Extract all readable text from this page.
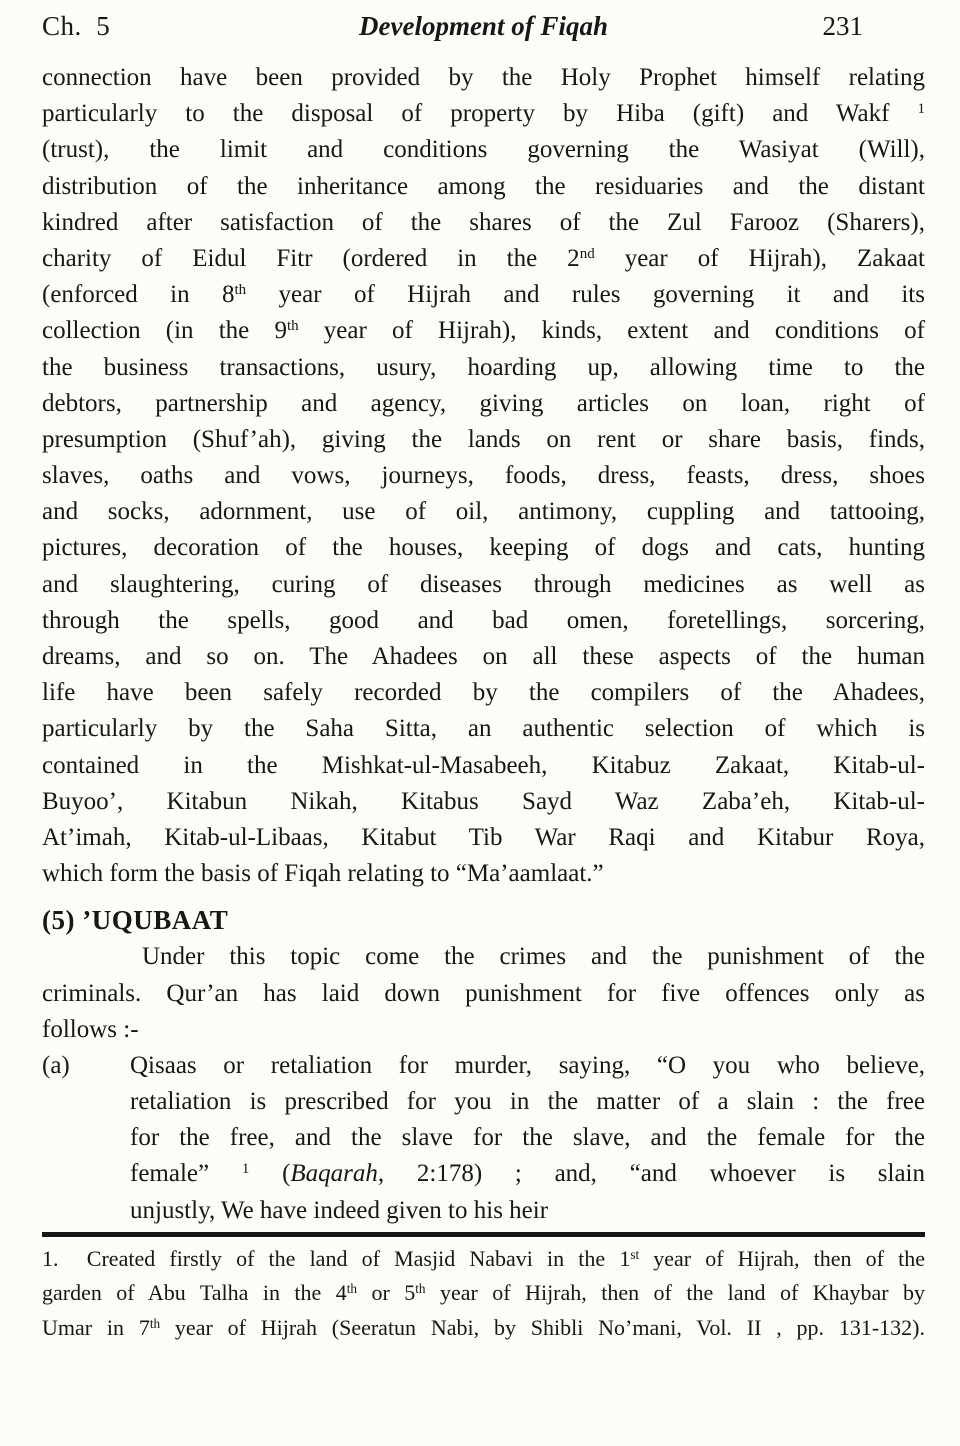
Ch.  5	Development of Fiqah	231
connection have been provided by the Holy Prophet himself relating
particularly to the disposal of property by Hiba (gift) and Wakf $^1$
(trust), the limit and conditions governing the Wasiyat (Will),
distribution of the inheritance among the residuaries and the distant
kindred after satisfaction of the shares of the Zul Farooz (Sharers),
charity of Eidul Fitr (ordered in the 2nd year of Hijrah), Zakaat
(enforced in 8th year of Hijrah and rules governing it and its
collection (in the 9th year of Hijrah), kinds, extent and conditions of
the business transactions, usury, hoarding up, allowing time to the
debtors, partnership and agency, giving articles on loan, right of
presumption (Shuf’ah), giving the lands on rent or share basis, finds,
slaves, oaths and vows, journeys, foods, dress, feasts, dress, shoes
and socks, adornment, use of oil, antimony, cuppling and tattooing,
pictures, decoration of the houses, keeping of dogs and cats, hunting
and slaughtering, curing of diseases through medicines as well as
through the spells, good and bad omen, foretellings, sorcering,
dreams, and so on. The Ahadees on all these aspects of the human
life have been safely recorded by the compilers of the Ahadees,
particularly by the Saha Sitta, an authentic selection of which is
contained in the Mishkat-ul-Masabeeh, Kitabuz Zakaat, Kitab-ul-
Buyoo’, Kitabun Nikah, Kitabus Sayd Waz Zaba’eh, Kitab-ul-
At’imah, Kitab-ul-Libaas, Kitabut Tib War Raqi and Kitabur Roya,
which form the basis of Fiqah relating to “Ma’aamlaat.”
(5) ’UQUBAAT
Under this topic come the crimes and the punishment of the
criminals. Qur’an has laid down punishment for five offences only as
follows :-
(a) Qisaas or retaliation for murder, saying, “O you who believe,
retaliation is prescribed for you in the matter of a slain : the free
for the free, and the slave for the slave, and the female for the
female” $^1$ (Baqarah, 2:178) ; and, “and whoever is slain
unjustly, We have indeed given to his heir
1.  Created firstly of the land of Masjid Nabavi in the 1st year of Hijrah, then of the
garden of Abu Talha in the 4th or 5th year of Hijrah, then of the land of Khaybar by
Umar in 7th year of Hijrah (Seeratun Nabi, by Shibli No’mani, Vol. II , pp. 131-132).
